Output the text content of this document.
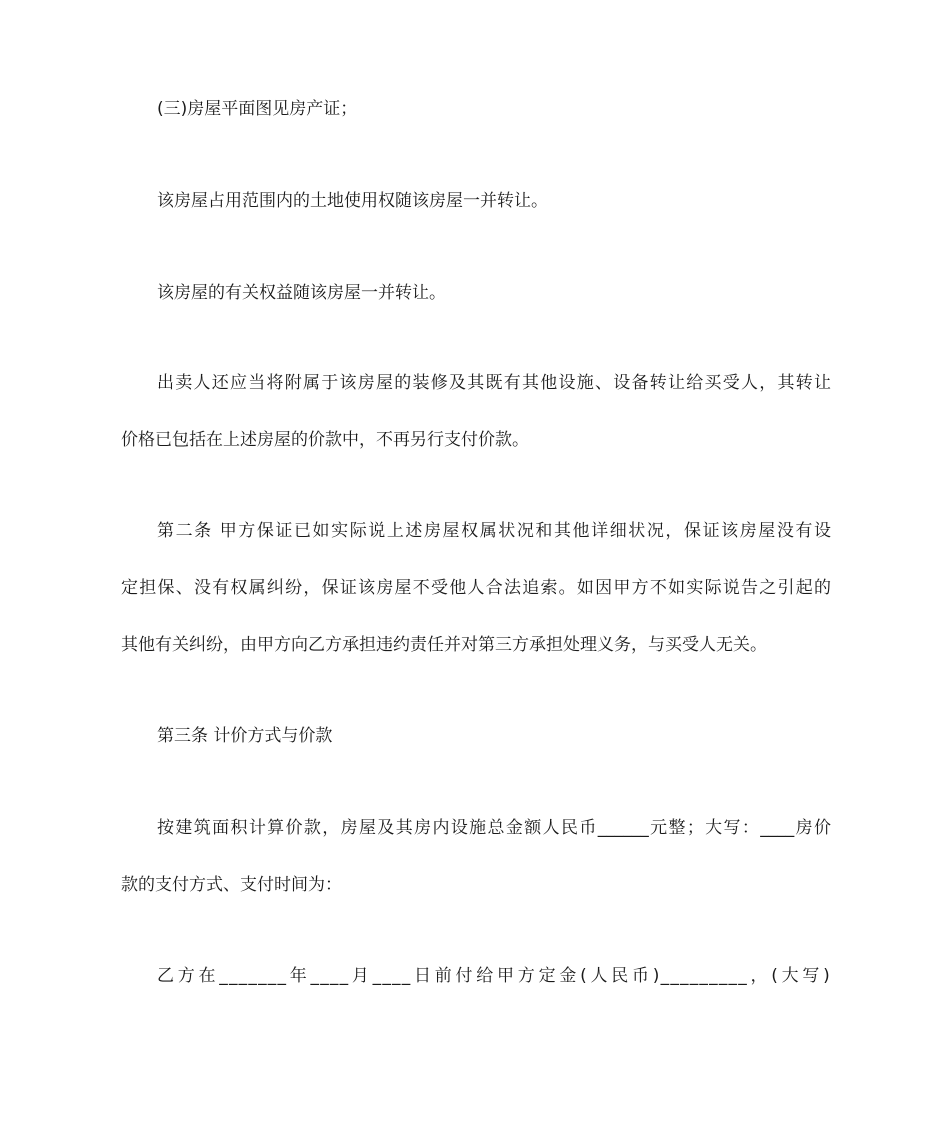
(三)房屋平面图见房产证；
该房屋占用范围内的土地使用权随该房屋一并转让。
该房屋的有关权益随该房屋一并转让。
出卖人还应当将附属于该房屋的装修及其既有其他设施、设备转让给买受人，其转让
价格已包括在上述房屋的价款中，不再另行支付价款。
第二条 甲方保证已如实际说上述房屋权属状况和其他详细状况，保证该房屋没有设
定担保、没有权属纠纷，保证该房屋不受他人合法追索。如因甲方不如实际说告之引起的
其他有关纠纷，由甲方向乙方承担违约责任并对第三方承担处理义务，与买受人无关。
第三条 计价方式与价款
按建筑面积计算价款，房屋及其房内设施总金额人民币______元整；大写：____房价
款的支付方式、支付时间为：
乙方在_______年____月____日前付给甲方定金(人民币)_________，(大写)
